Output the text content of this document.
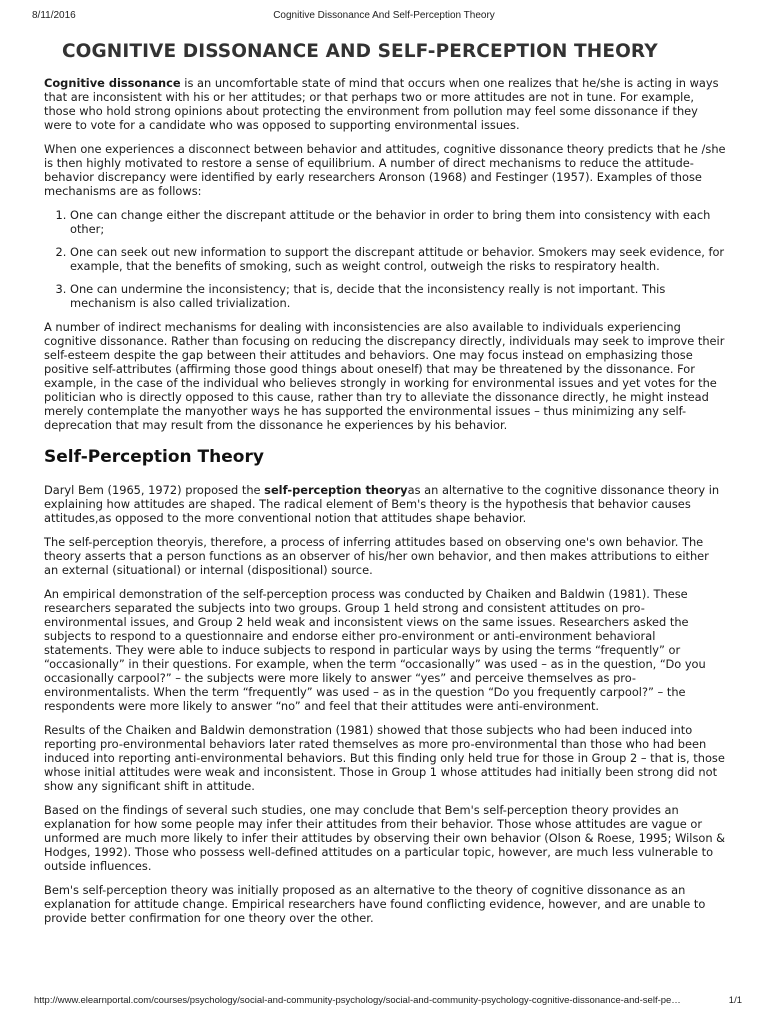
8/11/2016	Cognitive Dissonance And Self-Perception Theory
COGNITIVE DISSONANCE AND SELF-PERCEPTION THEORY

Cognitive dissonance is an uncomfortable state of mind that occurs when one realizes that he/she is acting in ways that are inconsistent with his or her attitudes; or that perhaps two or more attitudes are not in tune. For example, those who hold strong opinions about protecting the environment from pollution may feel some dissonance if they were to vote for a candidate who was opposed to supporting environmental issues.

When one experiences a disconnect between behavior and attitudes, cognitive dissonance theory predicts that he /she is then highly motivated to restore a sense of equilibrium. A number of direct mechanisms to reduce the attitude-behavior discrepancy were identified by early researchers Aronson (1968) and Festinger (1957). Examples of those mechanisms are as follows:

1. One can change either the discrepant attitude or the behavior in order to bring them into consistency with each other;
2. One can seek out new information to support the discrepant attitude or behavior. Smokers may seek evidence, for example, that the benefits of smoking, such as weight control, outweigh the risks to respiratory health.
3. One can undermine the inconsistency; that is, decide that the inconsistency really is not important. This mechanism is also called trivialization.

A number of indirect mechanisms for dealing with inconsistencies are also available to individuals experiencing cognitive dissonance. Rather than focusing on reducing the discrepancy directly, individuals may seek to improve their self-esteem despite the gap between their attitudes and behaviors. One may focus instead on emphasizing those positive self-attributes (affirming those good things about oneself) that may be threatened by the dissonance. For example, in the case of the individual who believes strongly in working for environmental issues and yet votes for the politician who is directly opposed to this cause, rather than try to alleviate the dissonance directly, he might instead merely contemplate the manyother ways he has supported the environmental issues – thus minimizing any self-deprecation that may result from the dissonance he experiences by his behavior.

Self-Perception Theory

Daryl Bem (1965, 1972) proposed the self-perception theoryas an alternative to the cognitive dissonance theory in explaining how attitudes are shaped. The radical element of Bem's theory is the hypothesis that behavior causes attitudes,as opposed to the more conventional notion that attitudes shape behavior.

The self-perception theoryis, therefore, a process of inferring attitudes based on observing one's own behavior. The theory asserts that a person functions as an observer of his/her own behavior, and then makes attributions to either an external (situational) or internal (dispositional) source.

An empirical demonstration of the self-perception process was conducted by Chaiken and Baldwin (1981). These researchers separated the subjects into two groups. Group 1 held strong and consistent attitudes on pro-environmental issues, and Group 2 held weak and inconsistent views on the same issues. Researchers asked the subjects to respond to a questionnaire and endorse either pro-environment or anti-environment behavioral statements. They were able to induce subjects to respond in particular ways by using the terms “frequently” or “occasionally” in their questions. For example, when the term “occasionally” was used – as in the question, “Do you occasionally carpool?” – the subjects were more likely to answer “yes” and perceive themselves as pro-environmentalists. When the term “frequently” was used – as in the question “Do you frequently carpool?” – the respondents were more likely to answer “no” and feel that their attitudes were anti-environment.

Results of the Chaiken and Baldwin demonstration (1981) showed that those subjects who had been induced into reporting pro-environmental behaviors later rated themselves as more pro-environmental than those who had been induced into reporting anti-environmental behaviors. But this finding only held true for those in Group 2 – that is, those whose initial attitudes were weak and inconsistent. Those in Group 1 whose attitudes had initially been strong did not show any significant shift in attitude.

Based on the findings of several such studies, one may conclude that Bem's self-perception theory provides an explanation for how some people may infer their attitudes from their behavior. Those whose attitudes are vague or unformed are much more likely to infer their attitudes by observing their own behavior (Olson & Roese, 1995; Wilson & Hodges, 1992). Those who possess well-defined attitudes on a particular topic, however, are much less vulnerable to outside influences.

Bem's self-perception theory was initially proposed as an alternative to the theory of cognitive dissonance as an explanation for attitude change. Empirical researchers have found conflicting evidence, however, and are unable to provide better confirmation for one theory over the other.

http://www.elearnportal.com/courses/psychology/social-and-community-psychology/social-and-community-psychology-cognitive-dissonance-and-self-pe…	1/1
